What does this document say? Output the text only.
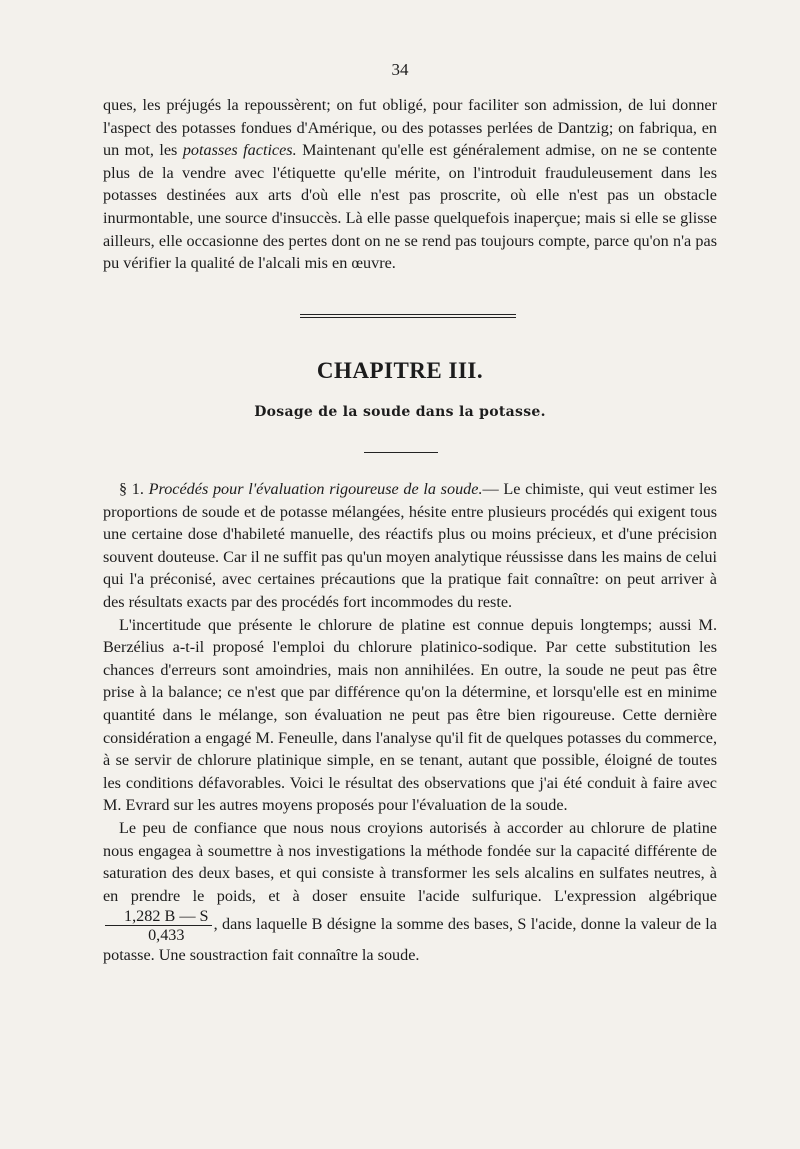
34

ques, les préjugés la repoussèrent; on fut obligé, pour faciliter son admission, de lui donner l'aspect des potasses fondues d'Amérique, ou des potasses perlées de Dantzig; on fabriqua, en un mot, les potasses factices. Maintenant qu'elle est généralement admise, on ne se contente plus de la vendre avec l'étiquette qu'elle mérite, on l'introduit frauduleusement dans les potasses destinées aux arts d'où elle n'est pas proscrite, où elle n'est pas un obstacle inurmontable, une source d'insuccès. Là elle passe quelquefois inaperçue; mais si elle se glisse ailleurs, elle occasionne des pertes dont on ne se rend pas toujours compte, parce qu'on n'a pas pu vérifier la qualité de l'alcali mis en œuvre.

CHAPITRE III.
Dosage de la soude dans la potasse.

§ 1. Procédés pour l'évaluation rigoureuse de la soude.— Le chimiste, qui veut estimer les proportions de soude et de potasse mélangées, hésite entre plusieurs procédés qui exigent tous une certaine dose d'habileté manuelle, des réactifs plus ou moins précieux, et d'une précision souvent douteuse. Car il ne suffit pas qu'un moyen analytique réussisse dans les mains de celui qui l'a préconisé, avec certaines précautions que la pratique fait connaître: on peut arriver à des résultats exacts par des procédés fort incommodes du reste.

L'incertitude que présente le chlorure de platine est connue depuis longtemps; aussi M. Berzélius a-t-il proposé l'emploi du chlorure platinico-sodique. Par cette substitution les chances d'erreurs sont amoindries, mais non annihilées. En outre, la soude ne peut pas être prise à la balance; ce n'est que par différence qu'on la détermine, et lorsqu'elle est en minime quantité dans le mélange, son évaluation ne peut pas être bien rigoureuse. Cette dernière considération a engagé M. Feneulle, dans l'analyse qu'il fit de quelques potasses du commerce, à se servir de chlorure platinique simple, en se tenant, autant que possible, éloigné de toutes les conditions défavorables. Voici le résultat des observations que j'ai été conduit à faire avec M. Evrard sur les autres moyens proposés pour l'évaluation de la soude.

Le peu de confiance que nous nous croyions autorisés à accorder au chlorure de platine nous engagea à soumettre à nos investigations la méthode fondée sur la capacité différente de saturation des deux bases, et qui consiste à transformer les sels alcalins en sulfates neutres, à en prendre le poids, et à doser ensuite l'acide sulfurique. L'expression algébrique
$\frac{1,282 B — S}{0,433}$ , dans laquelle B désigne la somme des bases, S l'acide, donne la valeur de la potasse. Une soustraction fait connaître la soude.
